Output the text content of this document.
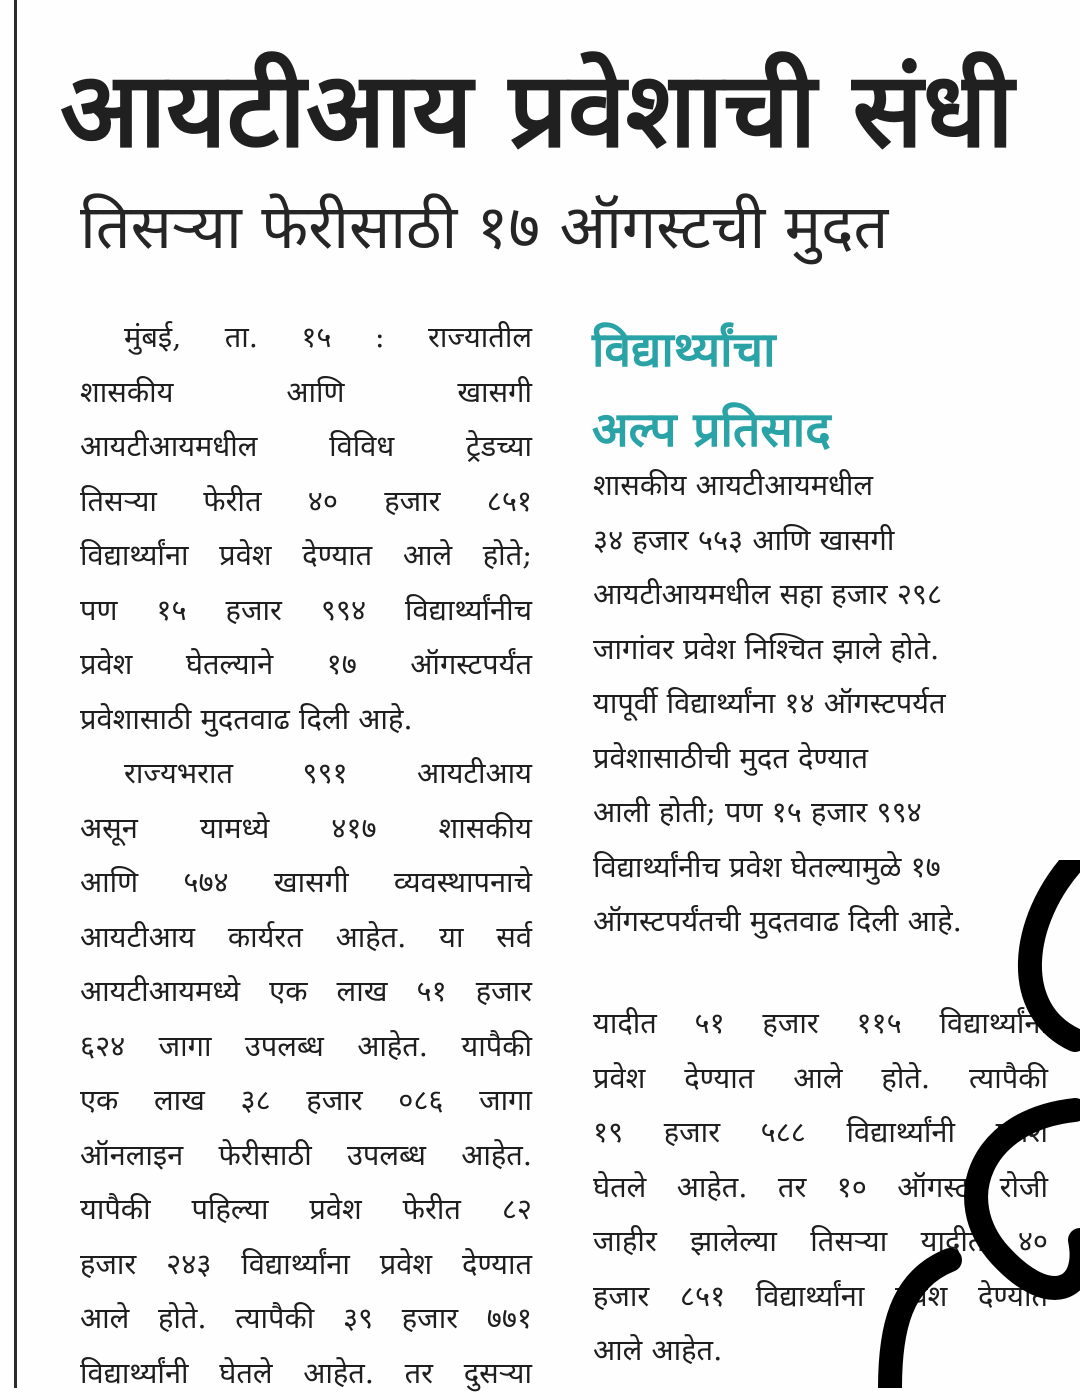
आयटीआय प्रवेशाची संधी
तिसऱ्या फेरीसाठी १७ ऑगस्टची मुदत

मुंबई, ता. १५ : राज्यातील

शासकीय आणि खासगी

आयटीआयमधील विविध ट्रेडच्या

तिसऱ्या फेरीत ४० हजार ८५१

विद्यार्थ्यांना प्रवेश देण्यात आले होते;

पण १५ हजार ९९४ विद्यार्थ्यांनीच

प्रवेश घेतल्याने १७ ऑगस्टपर्यंत

प्रवेशासाठी मुदतवाढ दिली आहे.

राज्यभरात ९९१ आयटीआय

असून यामध्ये ४१७ शासकीय

आणि ५७४ खासगी व्यवस्थापनाचे

आयटीआय कार्यरत आहेत. या सर्व

आयटीआयमध्ये एक लाख ५१ हजार

६२४ जागा उपलब्ध आहेत. यापैकी

एक लाख ३८ हजार ०८६ जागा

ऑनलाइन फेरीसाठी उपलब्ध आहेत.

यापैकी पहिल्या प्रवेश फेरीत ८२

हजार २४३ विद्यार्थ्यांना प्रवेश देण्यात

आले होते. त्यापैकी ३९ हजार ७७१

विद्यार्थ्यांनी घेतले आहेत. तर दुसऱ्या

विद्यार्थ्यांचा
अल्प प्रतिसाद

शासकीय आयटीआयमधील

३४ हजार ५५३ आणि खासगी

आयटीआयमधील सहा हजार २९८

जागांवर प्रवेश निश्चित झाले होते.

यापूर्वी विद्यार्थ्यांना १४ ऑगस्टपर्यत

प्रवेशासाठीची मुदत देण्यात

आली होती; पण १५ हजार ९९४

विद्यार्थ्यांनीच प्रवेश घेतल्यामुळे १७

ऑगस्टपर्यंतची मुदतवाढ दिली आहे.

यादीत ५१ हजार ११५ विद्यार्थ्यांना

प्रवेश देण्यात आले होते. त्यापैकी

१९ हजार ५८८ विद्यार्थ्यांनी प्रवेश

घेतले आहेत. तर १० ऑगस्ट रोजी

जाहीर झालेल्या तिसऱ्या यादीत ४०

हजार ८५१ विद्यार्थ्यांना प्रवेश देण्यात

आले आहेत.
